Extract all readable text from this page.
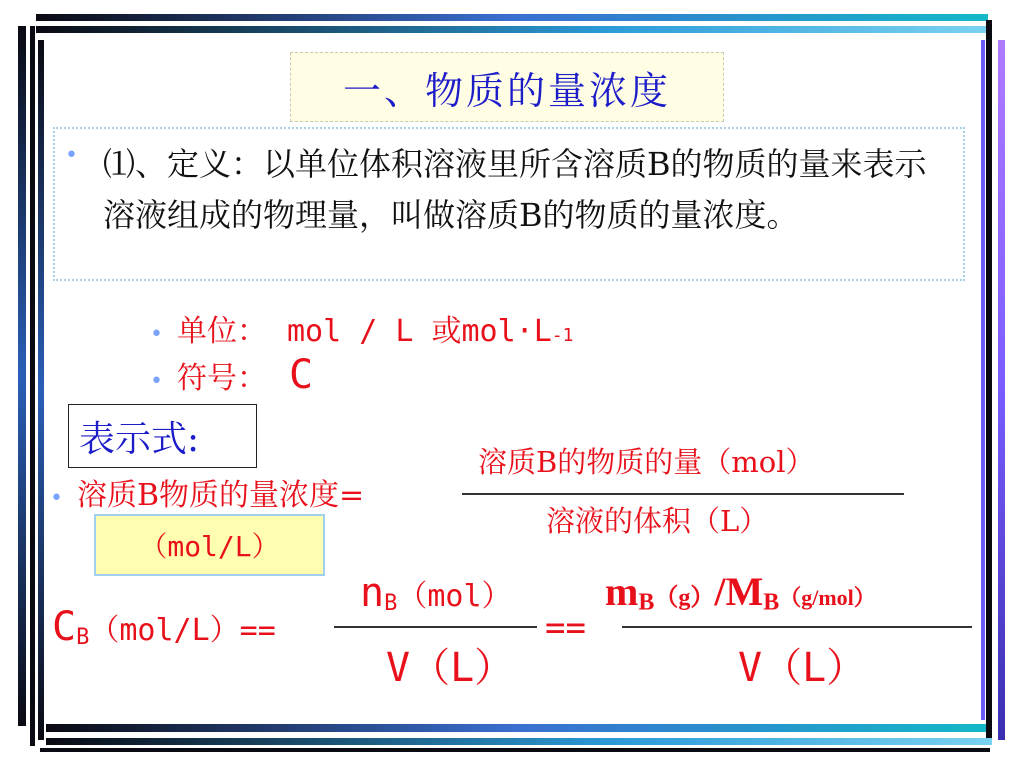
一、物质的量浓度
• ⑴、定义：以单位体积溶液里所含溶质B的物质的量来表示溶液组成的物理量，叫做溶质B的物质的量浓度。

• 单位： mol / L 或mol·L -1
• 符号： C
表示式:
溶质B的物质的量（mol）
溶液的体积（L）
• 溶质B物质的量浓度=
（mol/L）
CB（mol/L）==
nB（mol）
V（L）
==
mB（g）/MB（g/mol）
V（L）
